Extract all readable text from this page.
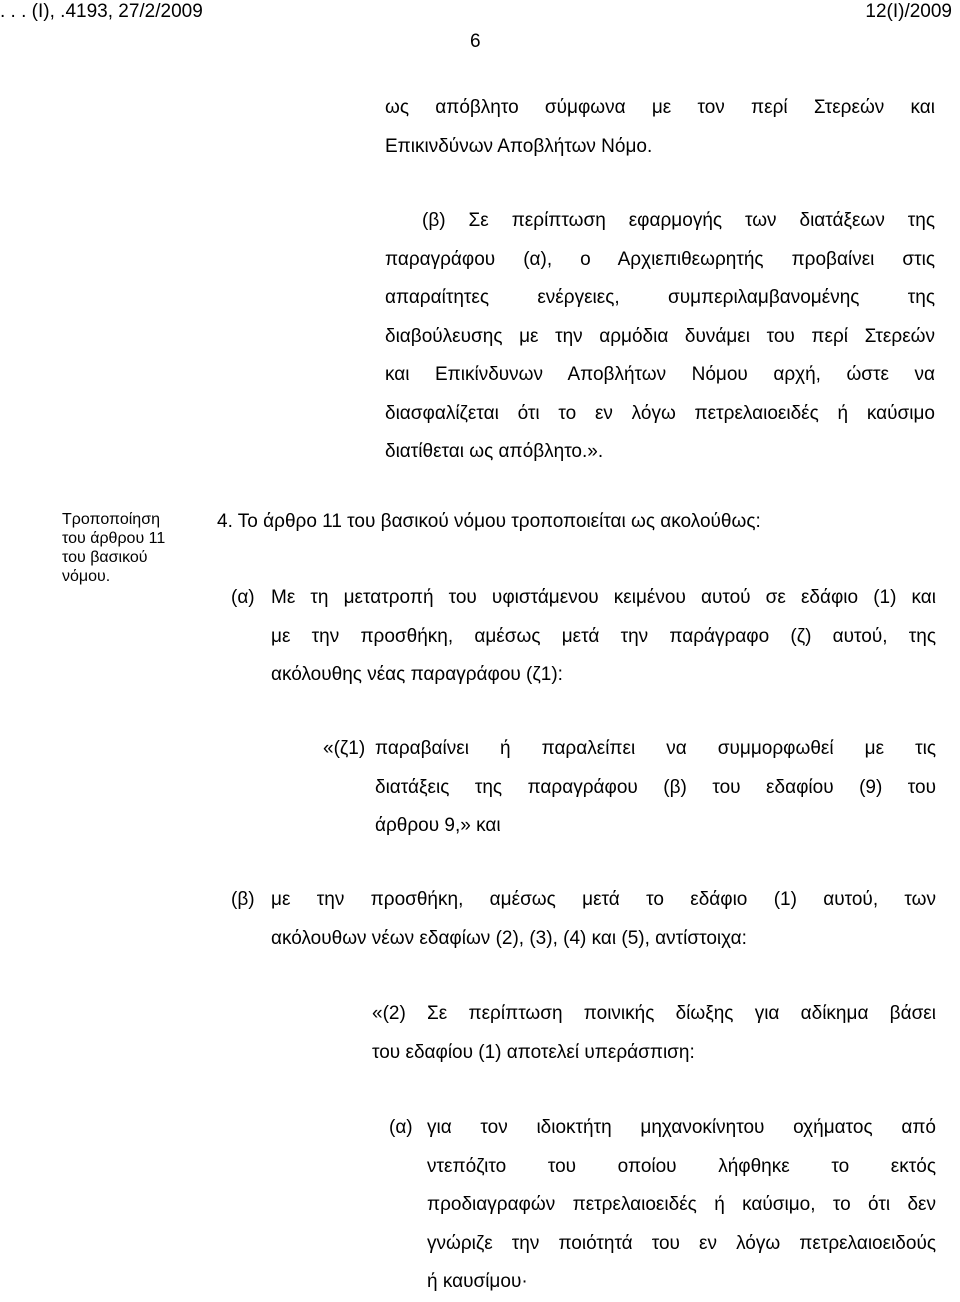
. . . (I), .4193, 27/2/2009	12(I)/2009
6

ως απόβλητο σύμφωνα με τον περί Στερεών και

Επικινδύνων Αποβλήτων Νόμο.

(β) Σε περίπτωση εφαρμογής των διατάξεων της

παραγράφου (α), ο Αρχιεπιθεωρητής προβαίνει στις

απαραίτητες ενέργειες, συμπεριλαμβανομένης της

διαβούλευσης με την αρμόδια δυνάμει του περί Στερεών

και Επικίνδυνων Αποβλήτων Νόμου αρχή, ώστε να

διασφαλίζεται ότι το εν λόγω πετρελαιοειδές ή καύσιμο

διατίθεται ως απόβλητο.».

Τροποποίηση
του άρθρου 11
του βασικού
νόμου.

4. Το άρθρο 11 του βασικού νόμου τροποποιείται ως ακολούθως:

(α) Με τη μετατροπή του υφιστάμενου κειμένου αυτού σε εδάφιο (1) και

με την προσθήκη, αμέσως μετά την παράγραφο (ζ) αυτού, της

ακόλουθης νέας παραγράφου (ζ1):

«(ζ1) παραβαίνει ή παραλείπει να συμμορφωθεί με τις

διατάξεις της παραγράφου (β) του εδαφίου (9) του

άρθρου 9,» και

(β) με την προσθήκη, αμέσως μετά το εδάφιο (1) αυτού, των

ακόλουθων νέων εδαφίων (2), (3), (4) και (5), αντίστοιχα:

«(2) Σε περίπτωση ποινικής δίωξης για αδίκημα βάσει

του εδαφίου (1) αποτελεί υπεράσπιση:

(α) για τον ιδιοκτήτη μηχανοκίνητου οχήματος από

ντεπόζιτο του οποίου λήφθηκε το εκτός

προδιαγραφών πετρελαιοειδές ή καύσιμο, το ότι δεν

γνώριζε την ποιότητά του εν λόγω πετρελαιοειδούς

ή καυσίμου·
